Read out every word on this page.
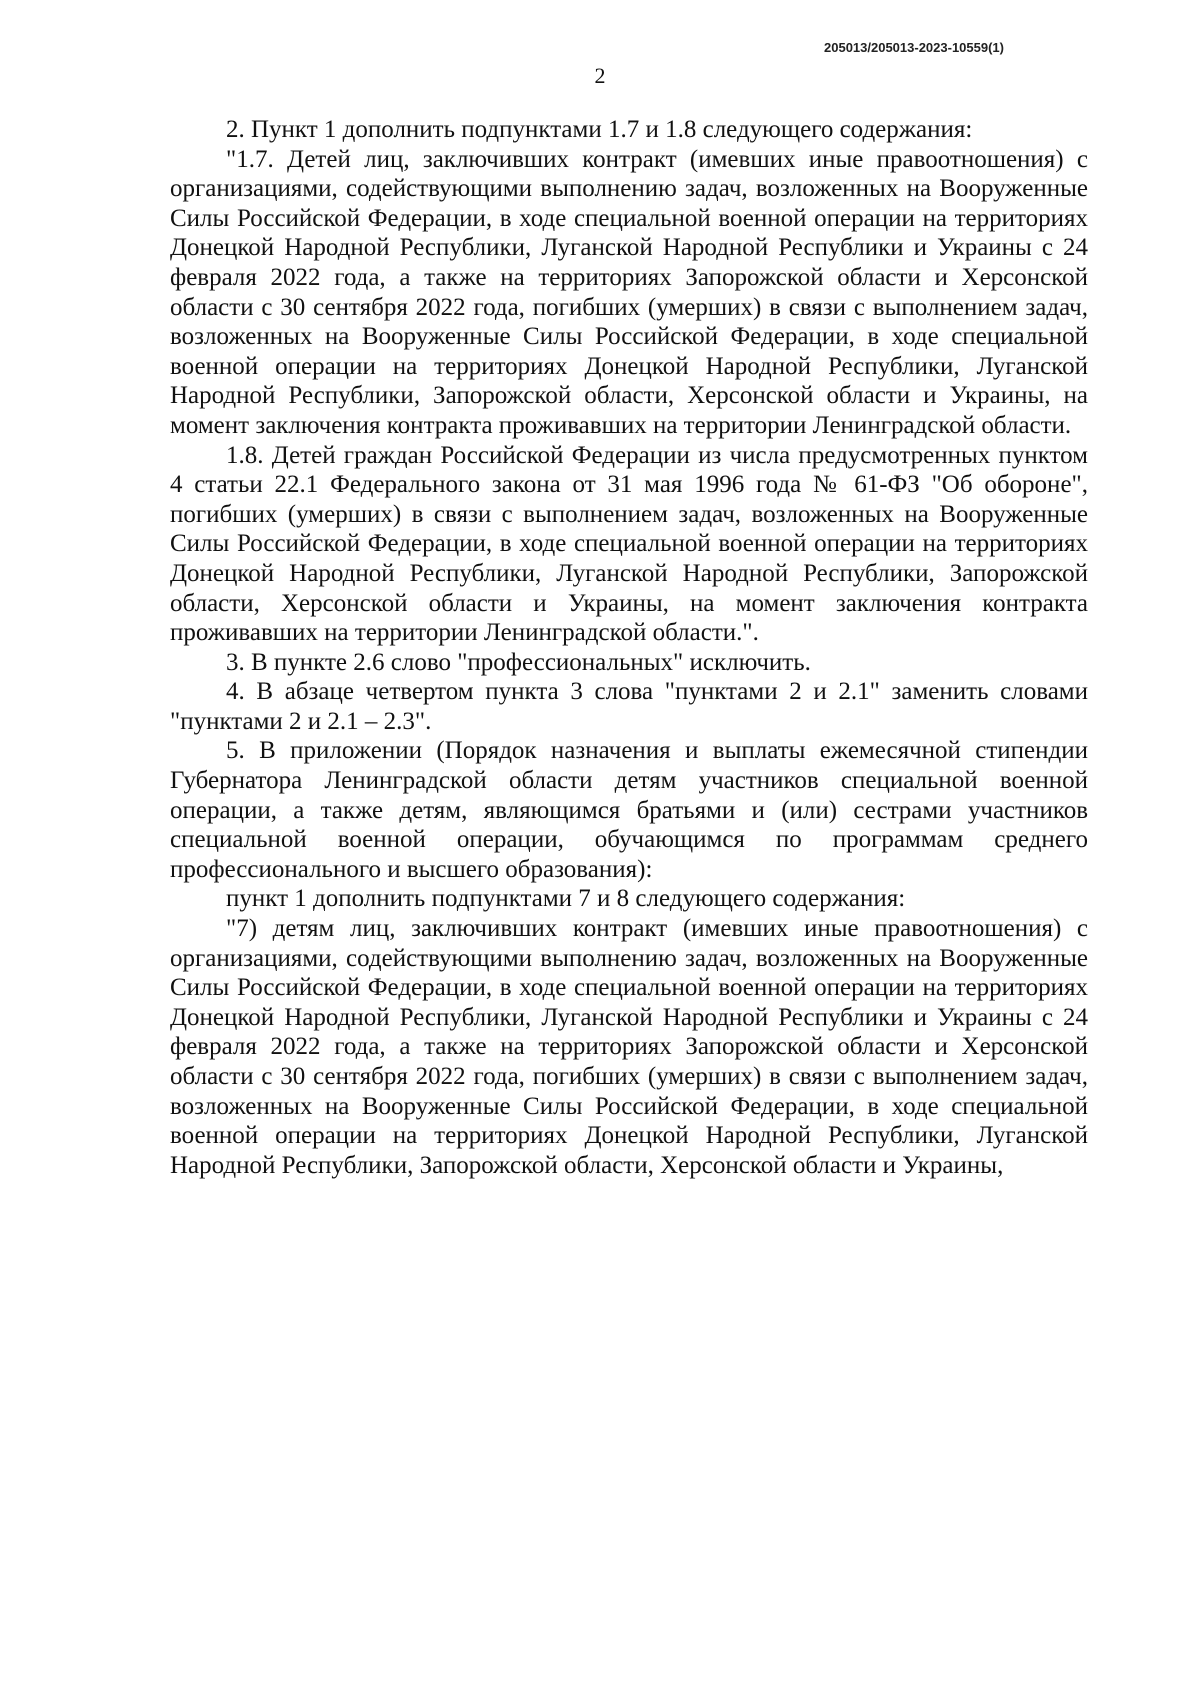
205013/205013-2023-10559(1)
2

2. Пункт 1 дополнить подпунктами 1.7 и 1.8 следующего содержания:

"1.7. Детей лиц, заключивших контракт (имевших иные правоотношения) с организациями, содействующими выполнению задач, возложенных на Вооруженные Силы Российской Федерации, в ходе специальной военной операции на территориях Донецкой Народной Республики, Луганской Народной Республики и Украины с 24 февраля 2022 года, а также на территориях Запорожской области и Херсонской области с 30 сентября 2022 года, погибших (умерших) в связи с выполнением задач, возложенных на Вооруженные Силы Российской Федерации, в ходе специальной военной операции на территориях Донецкой Народной Республики, Луганской Народной Республики, Запорожской области, Херсонской области и Украины, на момент заключения контракта проживавших на территории Ленинградской области.

1.8. Детей граждан Российской Федерации из числа предусмотренных пунктом 4 статьи 22.1 Федерального закона от 31 мая 1996 года № 61-ФЗ "Об обороне", погибших (умерших) в связи с выполнением задач, возложенных на Вооруженные Силы Российской Федерации, в ходе специальной военной операции на территориях Донецкой Народной Республики, Луганской Народной Республики, Запорожской области, Херсонской области и Украины, на момент заключения контракта проживавших на территории Ленинградской области.".

3. В пункте 2.6 слово "профессиональных" исключить.

4. В абзаце четвертом пункта 3 слова "пунктами 2 и 2.1" заменить словами "пунктами 2 и 2.1 – 2.3".

5. В приложении (Порядок назначения и выплаты ежемесячной стипендии Губернатора Ленинградской области детям участников специальной военной операции, а также детям, являющимся братьями и (или) сестрами участников специальной военной операции, обучающимся по программам среднего профессионального и высшего образования):

пункт 1 дополнить подпунктами 7 и 8 следующего содержания:

"7) детям лиц, заключивших контракт (имевших иные правоотношения) с организациями, содействующими выполнению задач, возложенных на Вооруженные Силы Российской Федерации, в ходе специальной военной операции на территориях Донецкой Народной Республики, Луганской Народной Республики и Украины с 24 февраля 2022 года, а также на территориях Запорожской области и Херсонской области с 30 сентября 2022 года, погибших (умерших) в связи с выполнением задач, возложенных на Вооруженные Силы Российской Федерации, в ходе специальной военной операции на территориях Донецкой Народной Республики, Луганской Народной Республики, Запорожской области, Херсонской области и Украины,
